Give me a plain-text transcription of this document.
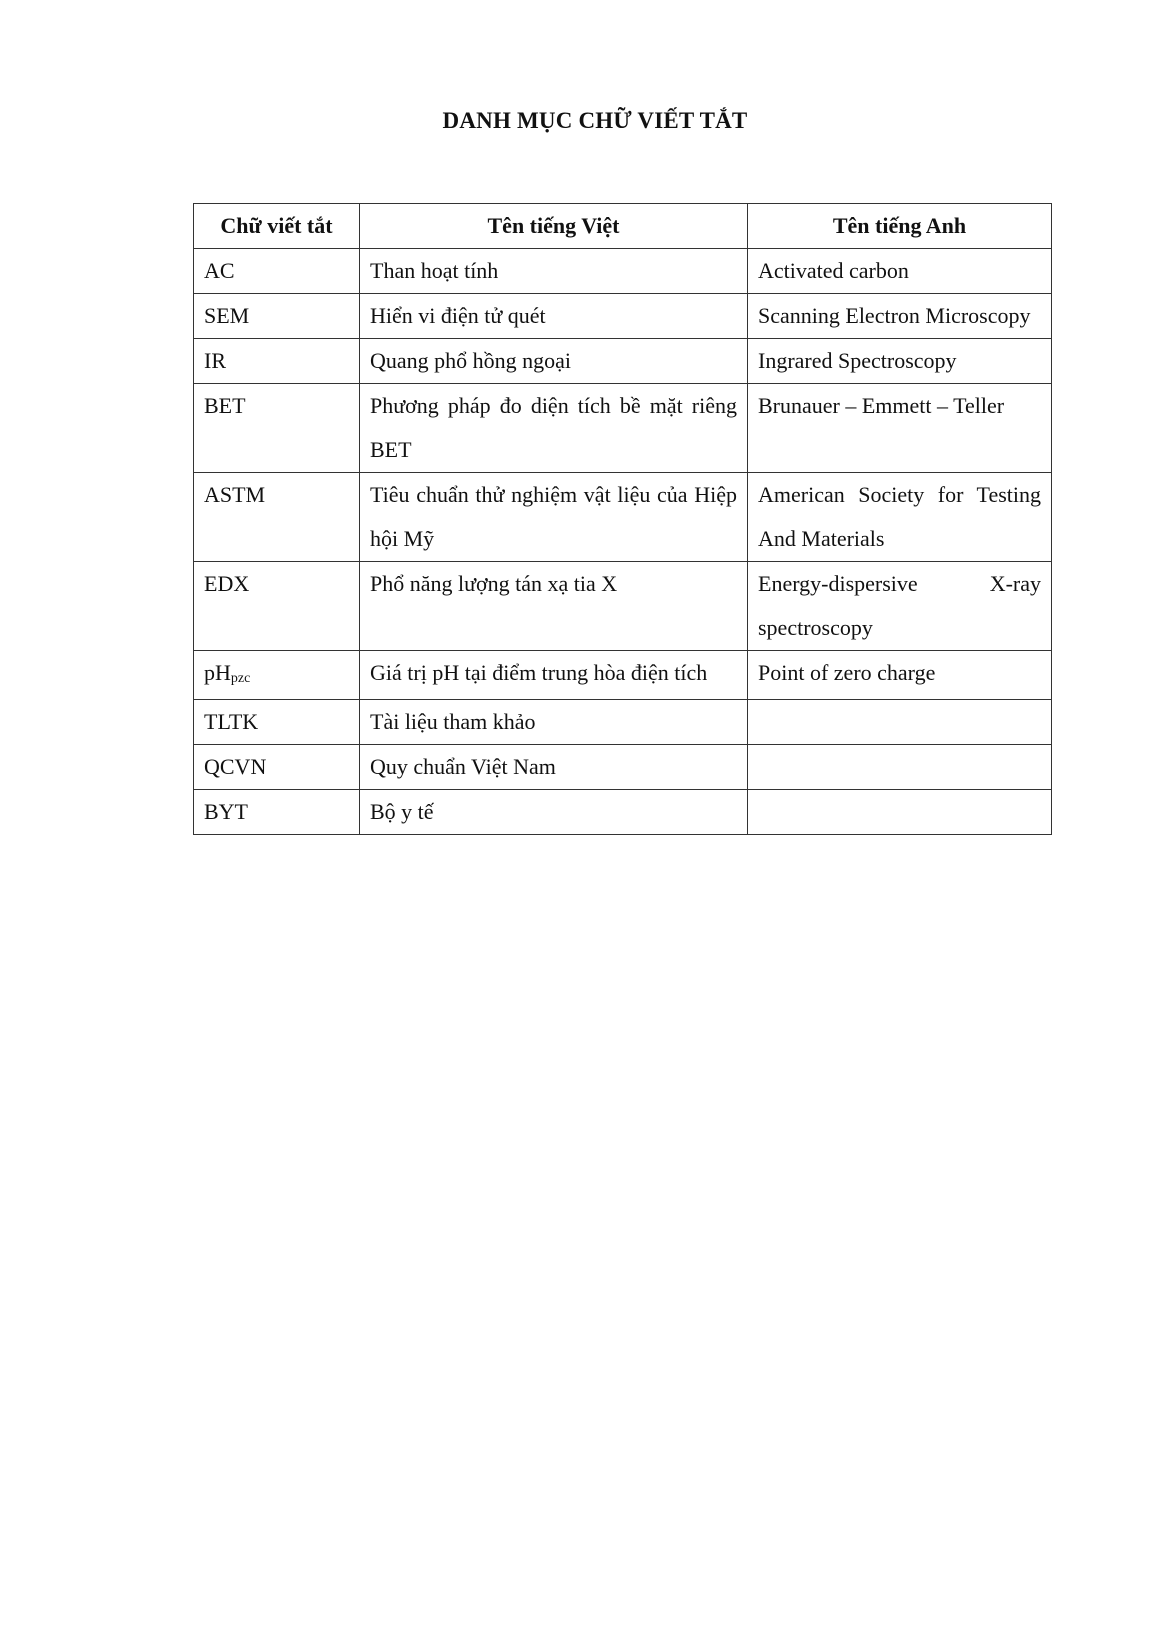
DANH MỤC CHỮ VIẾT TẮT
Chữ viết tắt	Tên tiếng Việt	Tên tiếng Anh
AC	Than hoạt tính	Activated carbon
SEM	Hiển vi điện tử quét	Scanning Electron Microscopy
IR	Quang phổ hồng ngoại	Ingrared Spectroscopy
BET	Phương pháp đo diện tích bề mặt riêng BET	Brunauer – Emmett – Teller
ASTM	Tiêu chuẩn thử nghiệm vật liệu của Hiệp hội Mỹ	American Society for Testing And Materials
EDX	Phổ năng lượng tán xạ tia X	Energy-dispersive X-ray spectroscopy
pHpzc	Giá trị pH tại điểm trung hòa điện tích	Point of zero charge
TLTK	Tài liệu tham khảo	
QCVN	Quy chuẩn Việt Nam	
BYT	Bộ y tế	
